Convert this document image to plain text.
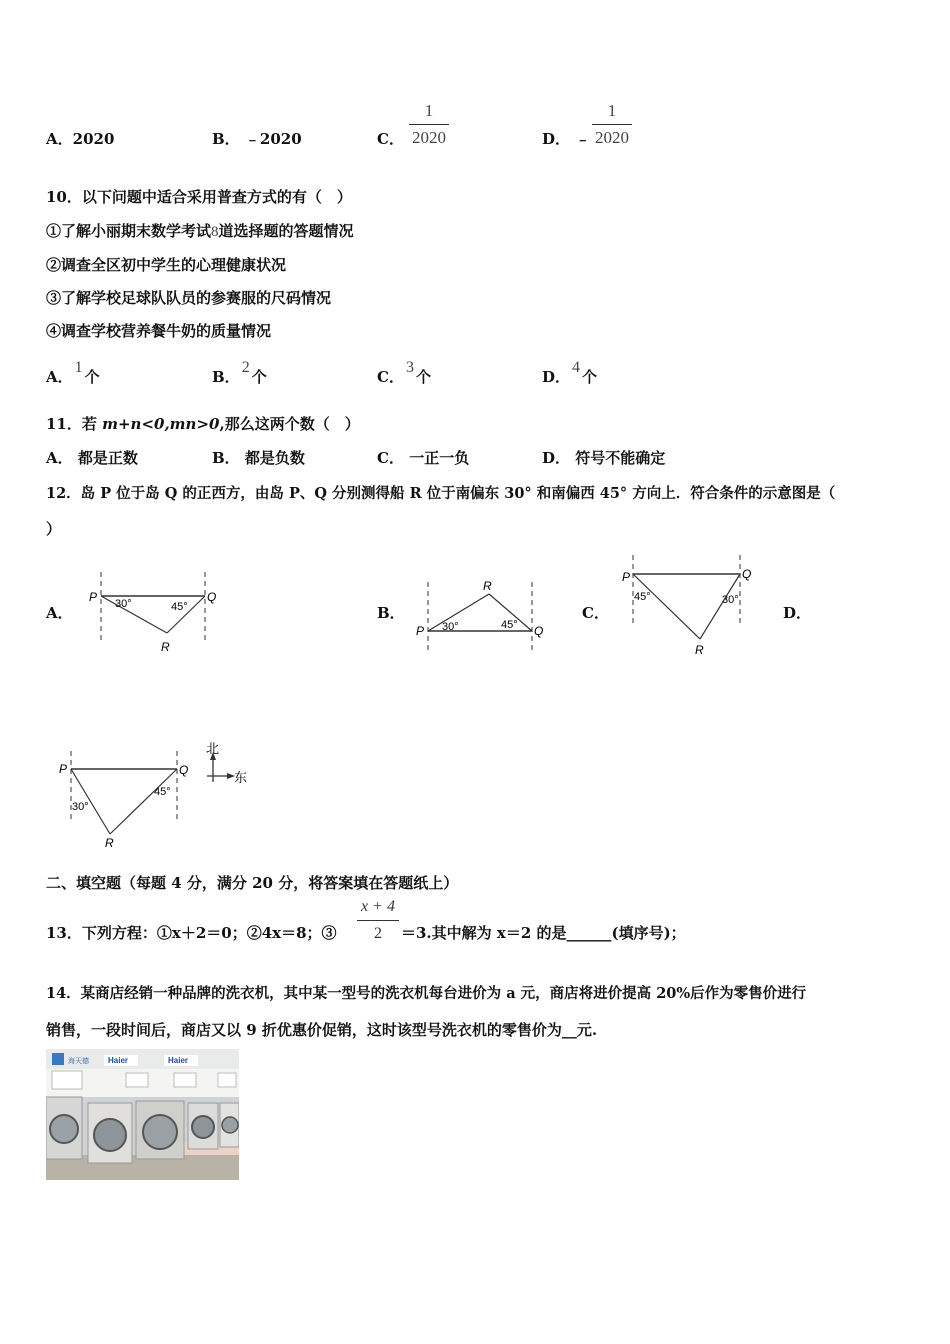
A．2020	B． ﹣2020	C．
1
2020	D． ﹣
1
2020
10．以下问题中适合采用普查方式的有（　）
①了解小丽期末数学考试8道选择题的答题情况
②调查全区初中学生的心理健康状况
③了解学校足球队队员的参赛服的尺码情况
④调查学校营养餐牛奶的质量情况
A．1个	B．2个	C．3个	D．4个
11．若 m+n<0,mn>0,那么这两个数（　）
A． 都是正数	B． 都是负数	C． 一正一负	D． 符号不能确定
12．岛 P 位于岛 Q 的正西方，由岛 P、Q 分别测得船 R 位于南偏东 30° 和南偏西 45° 方向上．符合条件的示意图是（
）
A．	B．	C．	D．
P	Q
R
30°	45°
P	Q
R
30°	45°
P	Q
R
45°	30°
P	Q
R
30°
45°
北
东
二、填空题（每题 4 分，满分 20 分，将答案填在答题纸上）
13．下列方程：①x＋2＝0；②4x＝8；③
x + 4
2	＝3.其中解为 x＝2 的是______(填序号)；
14．某商店经销一种品牌的洗衣机，其中某一型号的洗衣机每台进价为 a 元，商店将进价提高 20%后作为零售价进行
销售，一段时间后，商店又以 9 折优惠价促销，这时该型号洗衣机的零售价为__元.
海天德 Haier	Haier
